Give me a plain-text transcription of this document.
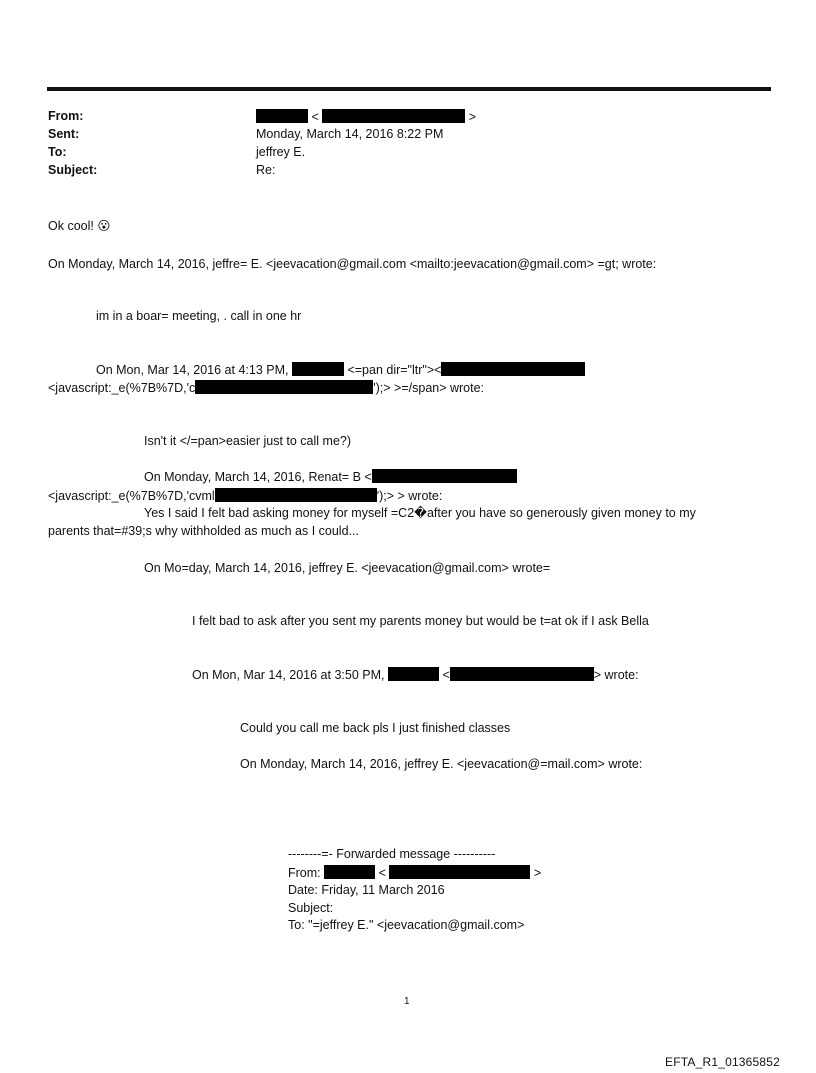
From:	<	>
Sent:	Monday, March 14, 2016 8:22 PM
To:	jeffrey E.
Subject:	Re:
Ok cool! 😮
On Monday, March 14, 2016, jeffre= E. <jeevacation@gmail.com <mailto:jeevacation@gmail.com> =gt; wrote:
im in a boar= meeting, . call in one hr
On Mon, Mar 14, 2016 at 4:13 PM,	<=pan dir="ltr"><
<javascript:_e(%7B%7D,'c	');> >=/span> wrote:
Isn't it </=pan>easier just to call me?)
On Monday, March 14, 2016, Renat= B <
<javascript:_e(%7B%7D,'cvml	');> > wrote:
Yes I said I felt bad asking money for myself =C2�after you have so generously given money to my
parents that=#39;s why withholded as much as I could...
On Mo=day, March 14, 2016, jeffrey E. <jeevacation@gmail.com> wrote=
I felt bad to ask after you sent my parents money but would be t=at ok if I ask Bella
On Mon, Mar 14, 2016 at 3:50 PM,	<	> wrote:
Could you call me back pls I just finished classes
On Monday, March 14, 2016, jeffrey E. <jeevacation@=mail.com> wrote:
--------=- Forwarded message ----------
From:	<	>
Date: Friday, 11 March 2016
Subject:
To: "=jeffrey E." <jeevacation@gmail.com>
1
EFTA_R1_01365852
